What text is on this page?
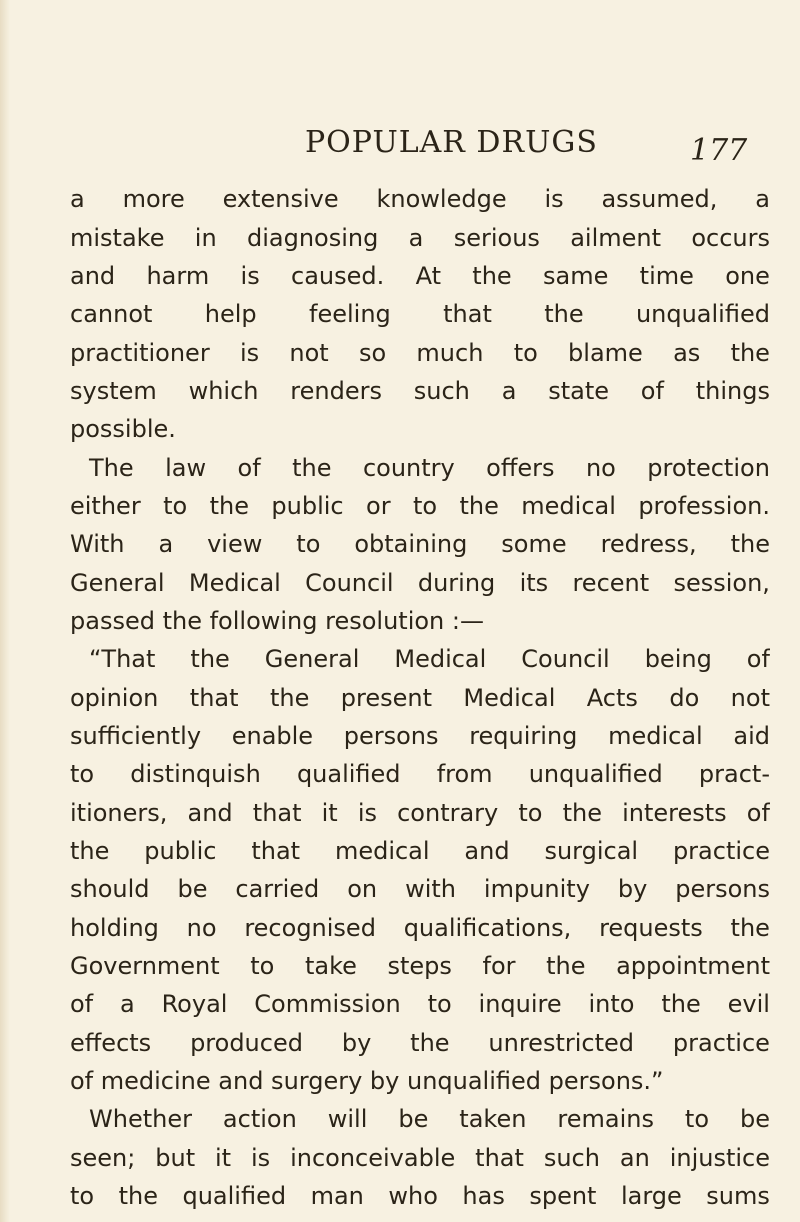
POPULAR DRUGS	177
a more extensive knowledge is assumed, a
mistake in diagnosing a serious ailment occurs
and harm is caused. At the same time one
cannot help feeling that the unqualified
practitioner is not so much to blame as the
system which renders such a state of things
possible.
The law of the country offers no protection
either to the public or to the medical profession.
With a view to obtaining some redress, the
General Medical Council during its recent session,
passed the following resolution :—
“That the General Medical Council being of
opinion that the present Medical Acts do not
sufficiently enable persons requiring medical aid
to distinquish qualified from unqualified pract-
itioners, and that it is contrary to the interests of
the public that medical and surgical practice
should be carried on with impunity by persons
holding no recognised qualifications, requests the
Government to take steps for the appointment
of a Royal Commission to inquire into the evil
effects produced by the unrestricted practice
of medicine and surgery by unqualified persons.”
Whether action will be taken remains to be
seen; but it is inconceivable that such an injustice
to the qualified man who has spent large sums
